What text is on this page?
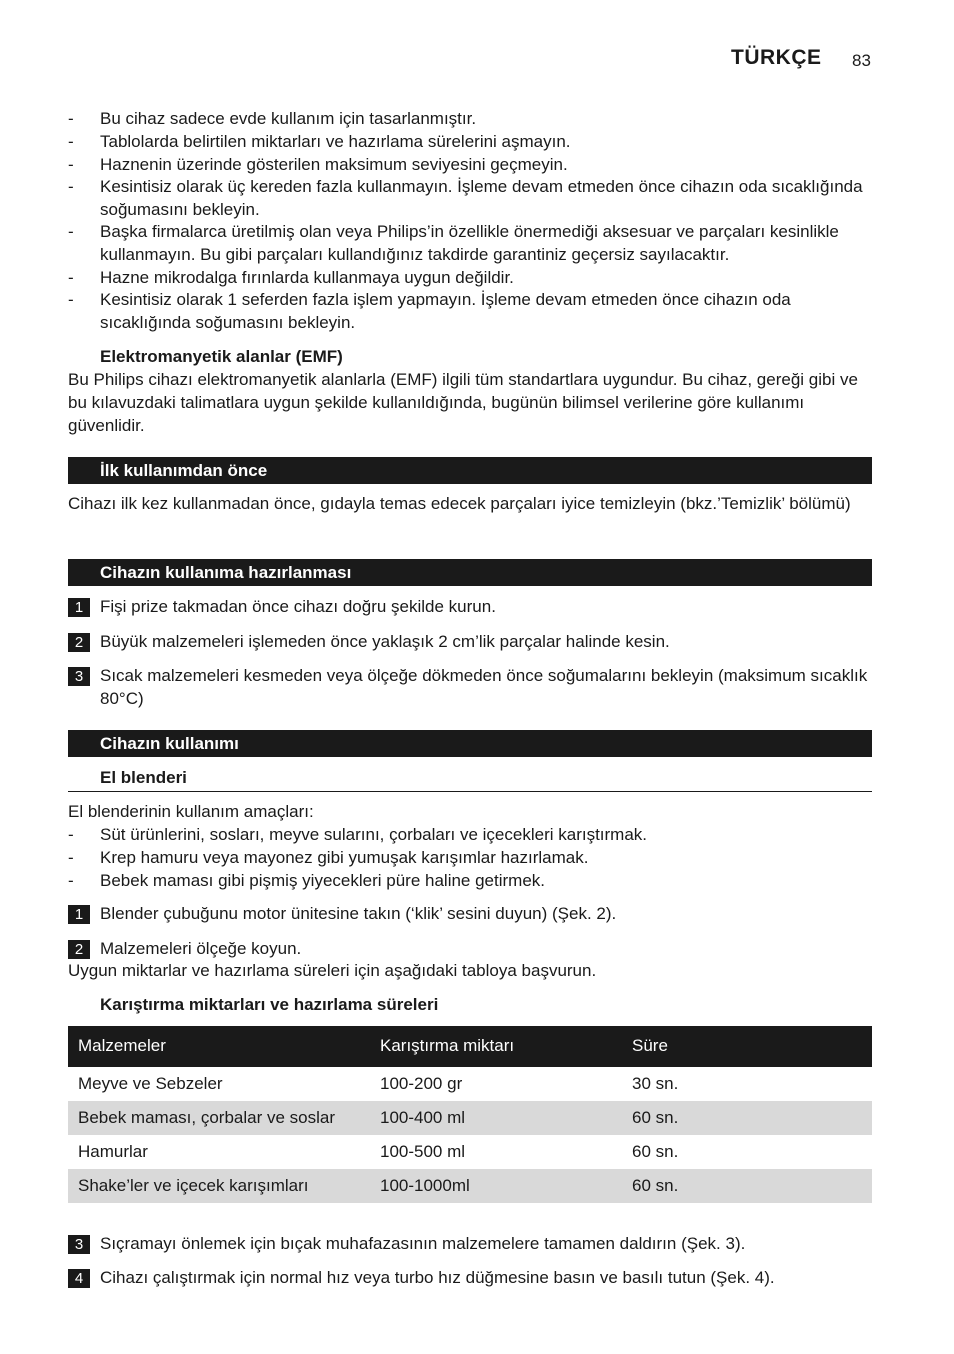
TÜRKÇE 83
- Bu cihaz sadece evde kullanım için tasarlanmıştır.
- Tablolarda belirtilen miktarları ve hazırlama sürelerini aşmayın.
- Haznenin üzerinde gösterilen maksimum seviyesini geçmeyin.
- Kesintisiz olarak üç kereden fazla kullanmayın. İşleme devam etmeden önce cihazın oda sıcaklığında soğumasını bekleyin.
- Başka firmalarca üretilmiş olan veya Philips’in özellikle önermediği aksesuar ve parçaları kesinlikle kullanmayın. Bu gibi parçaları kullandığınız takdirde garantiniz geçersiz sayılacaktır.
- Hazne mikrodalga fırınlarda kullanmaya uygun değildir.
- Kesintisiz olarak 1 seferden fazla işlem yapmayın. İşleme devam etmeden önce cihazın oda sıcaklığında soğumasını bekleyin.
Elektromanyetik alanlar (EMF)
Bu Philips cihazı elektromanyetik alanlarla (EMF) ilgili tüm standartlara uygundur. Bu cihaz, gereği gibi ve bu kılavuzdaki talimatlara uygun şekilde kullanıldığında, bugünün bilimsel verilerine göre kullanımı güvenlidir.
İlk kullanımdan önce
Cihazı ilk kez kullanmadan önce, gıdayla temas edecek parçaları iyice temizleyin (bkz.’Temizlik’ bölümü)
Cihazın kullanıma hazırlanması
1 Fişi prize takmadan önce cihazı doğru şekilde kurun.
2 Büyük malzemeleri işlemeden önce yaklaşık 2 cm’lik parçalar halinde kesin.
3 Sıcak malzemeleri kesmeden veya ölçeğe dökmeden önce soğumalarını bekleyin (maksimum sıcaklık 80°C)
Cihazın kullanımı
El blenderi
El blenderinin kullanım amaçları:
- Süt ürünlerini, sosları, meyve sularını, çorbaları ve içecekleri karıştırmak.
- Krep hamuru veya mayonez gibi yumuşak karışımlar hazırlamak.
- Bebek maması gibi pişmiş yiyecekleri püre haline getirmek.
1 Blender çubuğunu motor ünitesine takın (‘klik’ sesini duyun) (Şek. 2).
2 Malzemeleri ölçeğe koyun.
Uygun miktarlar ve hazırlama süreleri için aşağıdaki tabloya başvurun.
Karıştırma miktarları ve hazırlama süreleri
Malzemeler	Karıştırma miktarı	Süre
Meyve ve Sebzeler	100-200 gr	30 sn.
Bebek maması, çorbalar ve soslar	100-400 ml	60 sn.
Hamurlar	100-500 ml	60 sn.
Shake’ler ve içecek karışımları	100-1000ml	60 sn.
3 Sıçramayı önlemek için bıçak muhafazasının malzemelere tamamen daldırın (Şek. 3).
4 Cihazı çalıştırmak için normal hız veya turbo hız düğmesine basın ve basılı tutun (Şek. 4).
